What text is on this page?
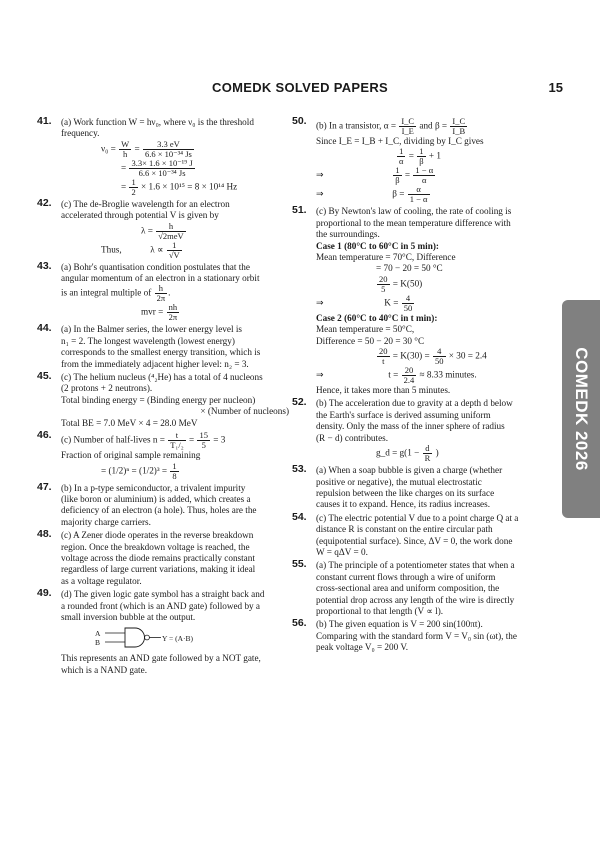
COMEDK SOLVED PAPERS	15
COMEDK 2026
41. (a) Work function W = hν₀, where ν₀ is the threshold
frequency.
$\nu_0 = \frac{W}{h} = \frac{3.3 eV}{\text{6.6 × 10⁻³⁴ Js}}$
= $\frac{\text{3.3× 1.6 × 10⁻¹⁹ J}}{\text{6.6 × 10⁻³⁴ Js}}$
= $\frac{1}{2} \times 1.6 \times 10^{15} = 8 \times 10^{14}$ Hz
42. (c) The de-Broglie wavelength for an electron
accelerated through potential V is given by
$\lambda = \frac{h}{\text{√2meV}}$
Thus,	$\lambda \propto \frac{1}{√V}$
43. (a) Bohr's quantisation condition postulates that the
angular momentum of an electron in a stationary orbit
is an integral multiple of $\frac{h}{2\pi}$ .
mvr = $\frac{nh}{2\pi}$
44. (a) In the Balmer series, the lower energy level is
n₁ = 2. The longest wavelength (lowest energy)
corresponds to the smallest energy transition, which is
from the immediately adjacent higher level: n₂ = 3.
45. (c) The helium nucleus (⁴₂He) has a total of 4 nucleons
(2 protons + 2 neutrons).
Total binding energy = (Binding energy per nucleon)
× (Number of nucleons)
Total BE = 7.0 MeV × 4 = 28.0 MeV
46. (c) Number of half-lives $n = \frac{t}{\text{T₁/₂}} = \frac{15}{5} = 3$
Fraction of original sample remaining
= $(1/2)^n = (1/2)^3 = \frac{1}{8}$
47. (b) In a p-type semiconductor, a trivalent impurity
(like boron or aluminium) is added, which creates a
deficiency of an electron (a hole). Thus, holes are the
majority charge carriers.
48. (c) A Zener diode operates in the reverse breakdown
region. Once the breakdown voltage is reached, the
voltage across the diode remains practically constant
regardless of large current variations, making it ideal
as a voltage regulator.
49. (d) The given logic gate symbol has a straight back and
a rounded front (which is an AND gate) followed by a
small inversion bubble at the output.
A
B	Y = (A·B)
This represents an AND gate followed by a NOT gate,
which is a NAND gate.
50. (b) In a transistor, $\alpha = \frac{I\_C}{I\_E}$ and $\beta = \frac{I\_C}{I\_B}$
Since I_E = I_B + I_C, dividing by I_C gives
$\frac{1}{\alpha} = \frac{1}{\beta} + 1$
⇒	$\frac{1}{\beta} = \frac{1 - \alpha}{\alpha}$
⇒	$\beta = \frac{\alpha}{1 - \alpha}$
51. (c) By Newton's law of cooling, the rate of cooling is
proportional to the mean temperature difference with
the surroundings.
Case 1 (80°C to 60°C in 5 min):
Mean temperature = 70°C, Difference
= 70 − 20 = 50 °C
$\frac{20}{5} = K(50)$
⇒	$K = \frac{4}{50}$
Case 2 (60°C to 40°C in t min):
Mean temperature = 50°C,
Difference = 50 − 20 = 30 °C
$\frac{20}{t} = K(30) = \frac{4}{50} \times 30 = 2.4$
⇒	$t = \frac{20}{2.4} \approx 8.33$ minutes.
Hence, it takes more than 5 minutes.
52. (b) The acceleration due to gravity at a depth d below
the Earth's surface is derived assuming uniform
density. Only the mass of the inner sphere of radius
(R − d) contributes.
g_d = $g(1 - \frac{d}{R}$ )
53. (a) When a soap bubble is given a charge (whether
positive or negative), the mutual electrostatic
repulsion between the like charges on its surface
causes it to expand. Hence, its radius increases.
54. (c) The electric potential V due to a point charge Q at a
distance R is constant on the entire circular path
(equipotential surface). Since, ΔV = 0, the work done
W = qΔV = 0.
55. (a) The principle of a potentiometer states that when a
constant current flows through a wire of uniform
cross-sectional area and uniform composition, the
potential drop across any length of the wire is directly
proportional to that length (V ∝ l).
56. (b) The given equation is V = 200 sin(100πt).
Comparing with the standard form V = V₀ sin (ωt), the
peak voltage V₀ = 200 V.
